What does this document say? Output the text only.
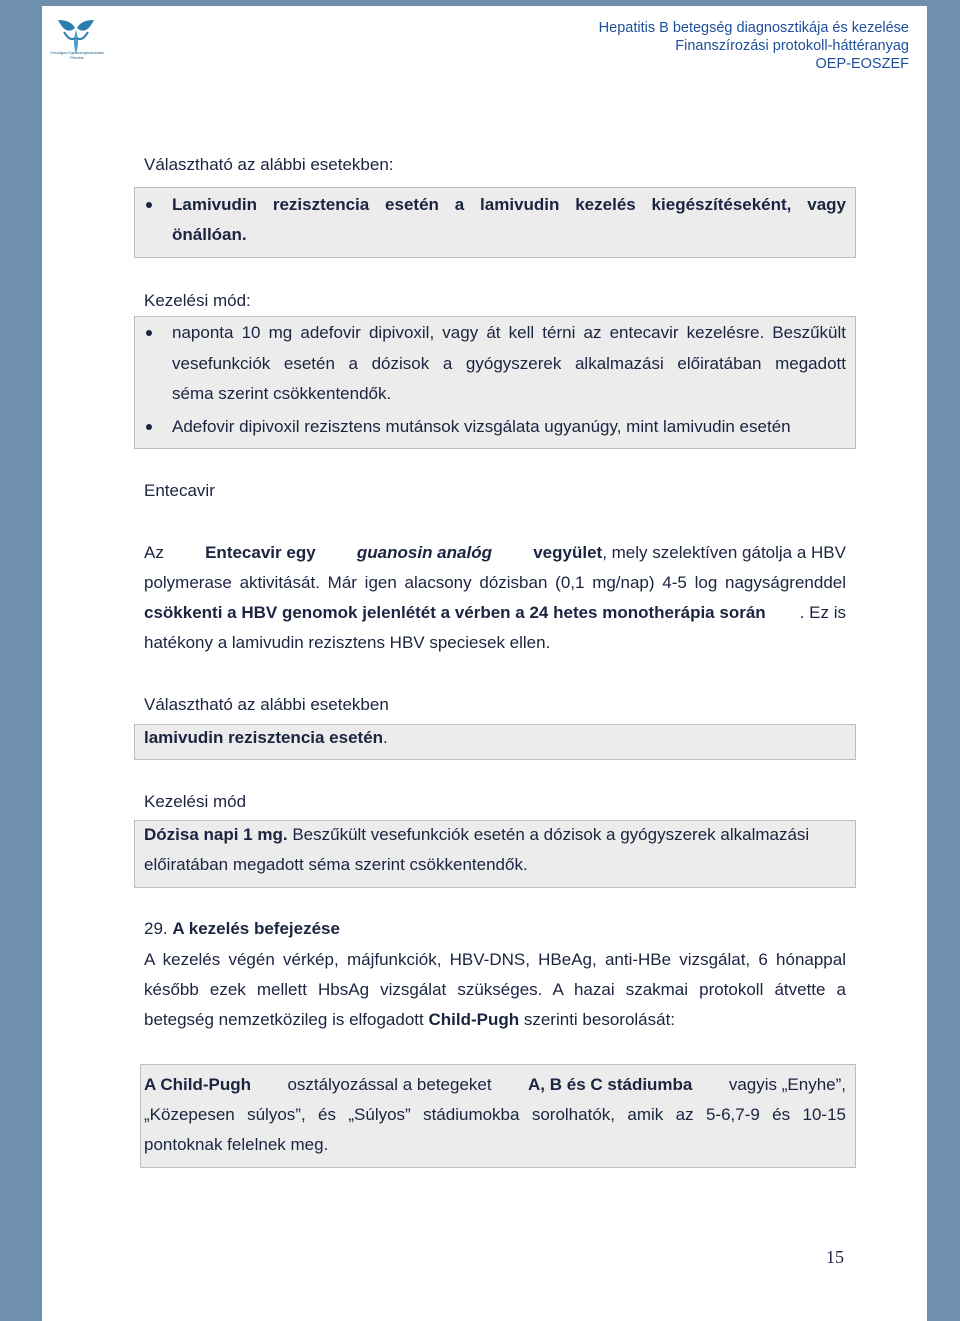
Országos Egészségbiztosítási Pénztár
Hepatitis B betegség diagnosztikája és kezelése
Finanszírozási protokoll-háttéranyag
OEP-EOSZEF
Választható az alábbi esetekben:
Lamivudin rezisztencia esetén a lamivudin kezelés kiegészítéseként, vagy
önállóan.
Kezelési mód:
naponta 10 mg adefovir dipivoxil, vagy át kell térni az entecavir kezelésre. Beszűkült
vesefunkciók esetén a dózisok a gyógyszerek alkalmazási előiratában megadott
séma szerint csökkentendők.
Adefovir dipivoxil rezisztens mutánsok vizsgálata ugyanúgy, mint lamivudin esetén
Entecavir
Az Entecavir egy guanosin analóg vegyület, mely szelektíven gátolja a HBV
polymerase aktivitását. Már igen alacsony dózisban (0,1 mg/nap) 4-5 log nagyságrenddel
csökkenti a HBV genomok jelenlétét a vérben a 24 hetes monotherápia során . Ez is
hatékony a lamivudin rezisztens HBV speciesek ellen.
Választható az alábbi esetekben
lamivudin rezisztencia esetén.
Kezelési mód
Dózisa napi 1 mg. Beszűkült vesefunkciók esetén a dózisok a gyógyszerek alkalmazási
előiratában megadott séma szerint csökkentendők.
29. A kezelés befejezése
A kezelés végén vérkép, májfunkciók, HBV-DNS, HBeAg, anti-HBe vizsgálat, 6 hónappal
később ezek mellett HbsAg vizsgálat szükséges. A hazai szakmai protokoll átvette a
betegség nemzetközileg is elfogadott Child-Pugh szerinti besorolását:
A Child-Pugh osztályozással a betegeket A, B és C stádiumba vagyis „Enyhe”,
„Közepesen súlyos”, és „Súlyos” stádiumokba sorolhatók, amik az 5-6,7-9 és 10-15
pontoknak felelnek meg.
15
